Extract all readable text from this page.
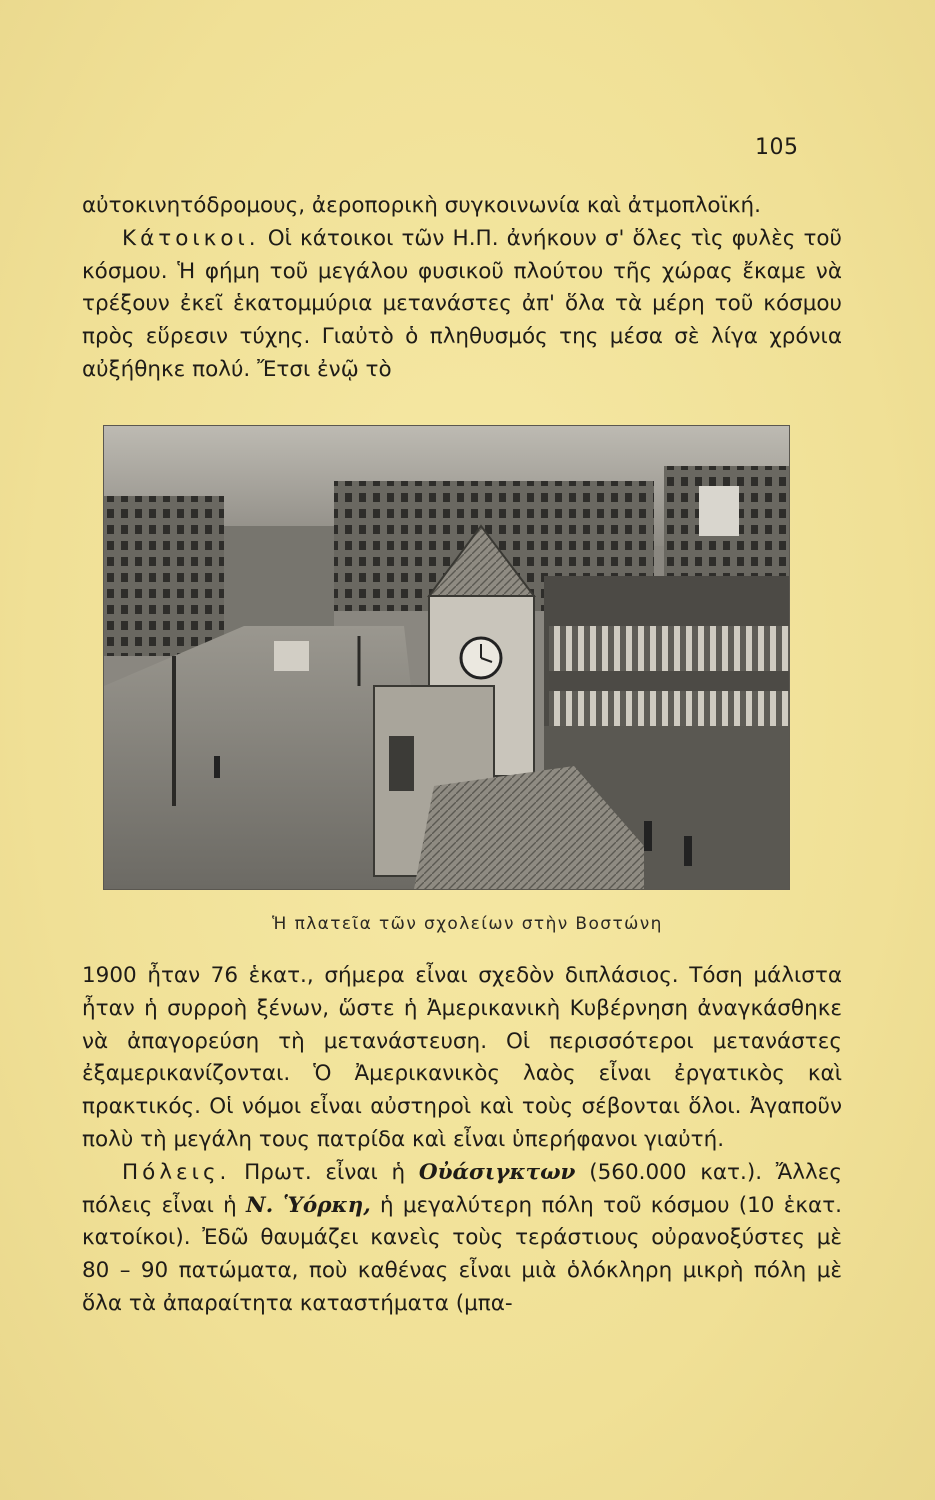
105

αὐτοκινητόδρομους, ἀεροπορικὴ συγκοινωνία καὶ ἀτμοπλοϊκή.

Κάτοικοι. Οἱ κάτοικοι τῶν Η.Π. ἀνήκουν σ' ὅλες τὶς φυλὲς τοῦ κόσμου. Ἡ φήμη τοῦ μεγάλου φυσικοῦ πλούτου τῆς χώρας ἔκαμε νὰ τρέξουν ἐκεῖ ἑκατομμύρια μετανάστες ἀπ' ὅλα τὰ μέρη τοῦ κόσμου πρὸς εὕρεσιν τύχης. Γιαὐτὸ ὁ πληθυσμός της μέσα σὲ λίγα χρόνια αὐξήθηκε πολύ. Ἔτσι ἐνῷ τὸ

Ἡ πλατεῖα τῶν σχολείων στὴν Βοστώνη

1900 ἦταν 76 ἑκατ., σήμερα εἶναι σχεδὸν διπλάσιος. Τόση μάλιστα ἦταν ἡ συρροὴ ξένων, ὥστε ἡ Ἀμερικανικὴ Κυβέρνηση ἀναγκάσθηκε νὰ ἀπαγορεύση τὴ μετανάστευση. Οἱ περισσότεροι μετανάστες ἐξαμερικανίζονται. Ὁ Ἀμερικανικὸς λαὸς εἶναι ἐργατικὸς καὶ πρακτικός. Οἱ νόμοι εἶναι αὐστηροὶ καὶ τοὺς σέβονται ὅλοι. Ἀγαποῦν πολὺ τὴ μεγάλη τους πατρίδα καὶ εἶναι ὑπερήφανοι γιαὐτή.

Πόλεις. Πρωτ. εἶναι ἡ Οὐάσιγκτων (560.000 κατ.). Ἄλλες πόλεις εἶναι ἡ Ν. Ὑόρκη, ἡ μεγαλύτερη πόλη τοῦ κόσμου (10 ἑκατ. κατοίκοι). Ἐδῶ θαυμάζει κανεὶς τοὺς τεράστιους οὐρανοξύστες μὲ 80 – 90 πατώματα, ποὺ καθένας εἶναι μιὰ ὁλόκληρη μικρὴ πόλη μὲ ὅλα τὰ ἀπαραίτητα καταστήματα (μπα-
